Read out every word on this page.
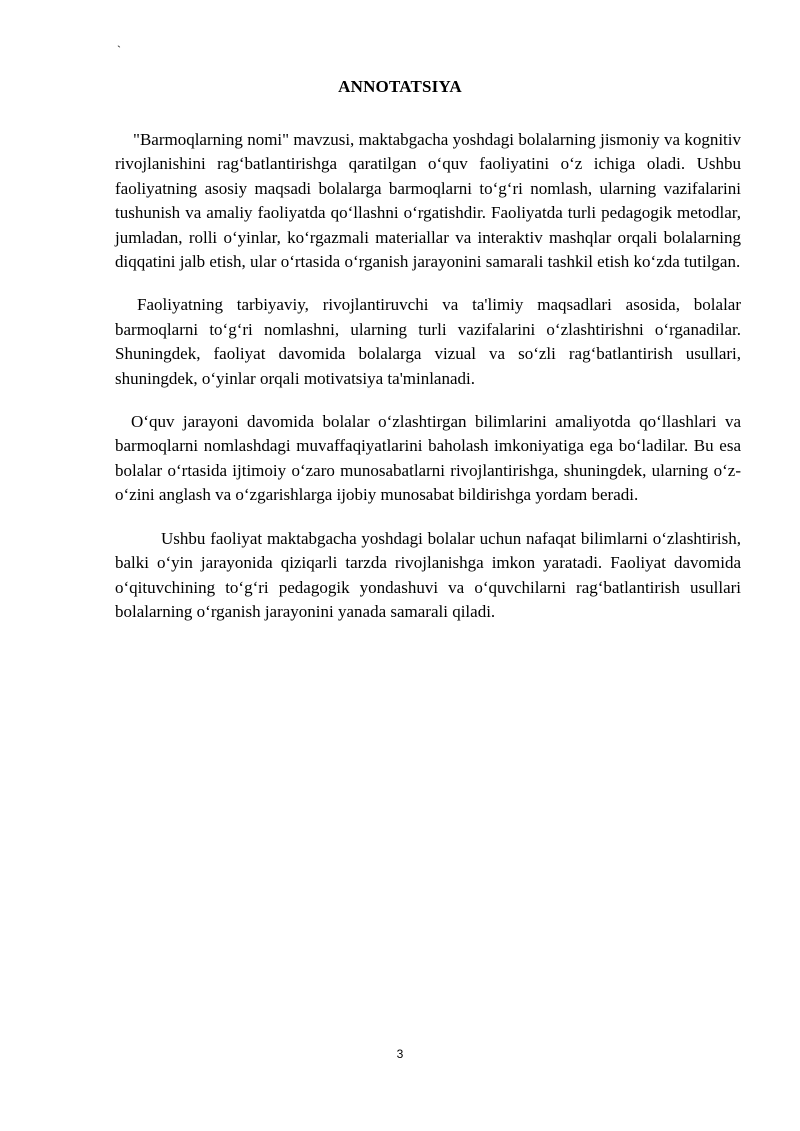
`
ANNOTATSIYA

"Barmoqlarning nomi" mavzusi, maktabgacha yoshdagi bolalarning jismoniy va kognitiv rivojlanishini rag‘batlantirishga qaratilgan o‘quv faoliyatini o‘z ichiga oladi. Ushbu faoliyatning asosiy maqsadi bolalarga barmoqlarni to‘g‘ri nomlash, ularning vazifalarini tushunish va amaliy faoliyatda qo‘llashni o‘rgatishdir. Faoliyatda turli pedagogik metodlar, jumladan, rolli o‘yinlar, ko‘rgazmali materiallar va interaktiv mashqlar orqali bolalarning diqqatini jalb etish, ular o‘rtasida o‘rganish jarayonini samarali tashkil etish ko‘zda tutilgan.

Faoliyatning tarbiyaviy, rivojlantiruvchi va ta'limiy maqsadlari asosida, bolalar barmoqlarni to‘g‘ri nomlashni, ularning turli vazifalarini o‘zlashtirishni o‘rganadilar. Shuningdek, faoliyat davomida bolalarga vizual va so‘zli rag‘batlantirish usullari, shuningdek, o‘yinlar orqali motivatsiya ta'minlanadi.

O‘quv jarayoni davomida bolalar o‘zlashtirgan bilimlarini amaliyotda qo‘llashlari va barmoqlarni nomlashdagi muvaffaqiyatlarini baholash imkoniyatiga ega bo‘ladilar. Bu esa bolalar o‘rtasida ijtimoiy o‘zaro munosabatlarni rivojlantirishga, shuningdek, ularning o‘z-o‘zini anglash va o‘zgarishlarga ijobiy munosabat bildirishga yordam beradi.

Ushbu faoliyat maktabgacha yoshdagi bolalar uchun nafaqat bilimlarni o‘zlashtirish, balki o‘yin jarayonida qiziqarli tarzda rivojlanishga imkon yaratadi. Faoliyat davomida o‘qituvchining to‘g‘ri pedagogik yondashuvi va o‘quvchilarni rag‘batlantirish usullari bolalarning o‘rganish jarayonini yanada samarali qiladi.

3
